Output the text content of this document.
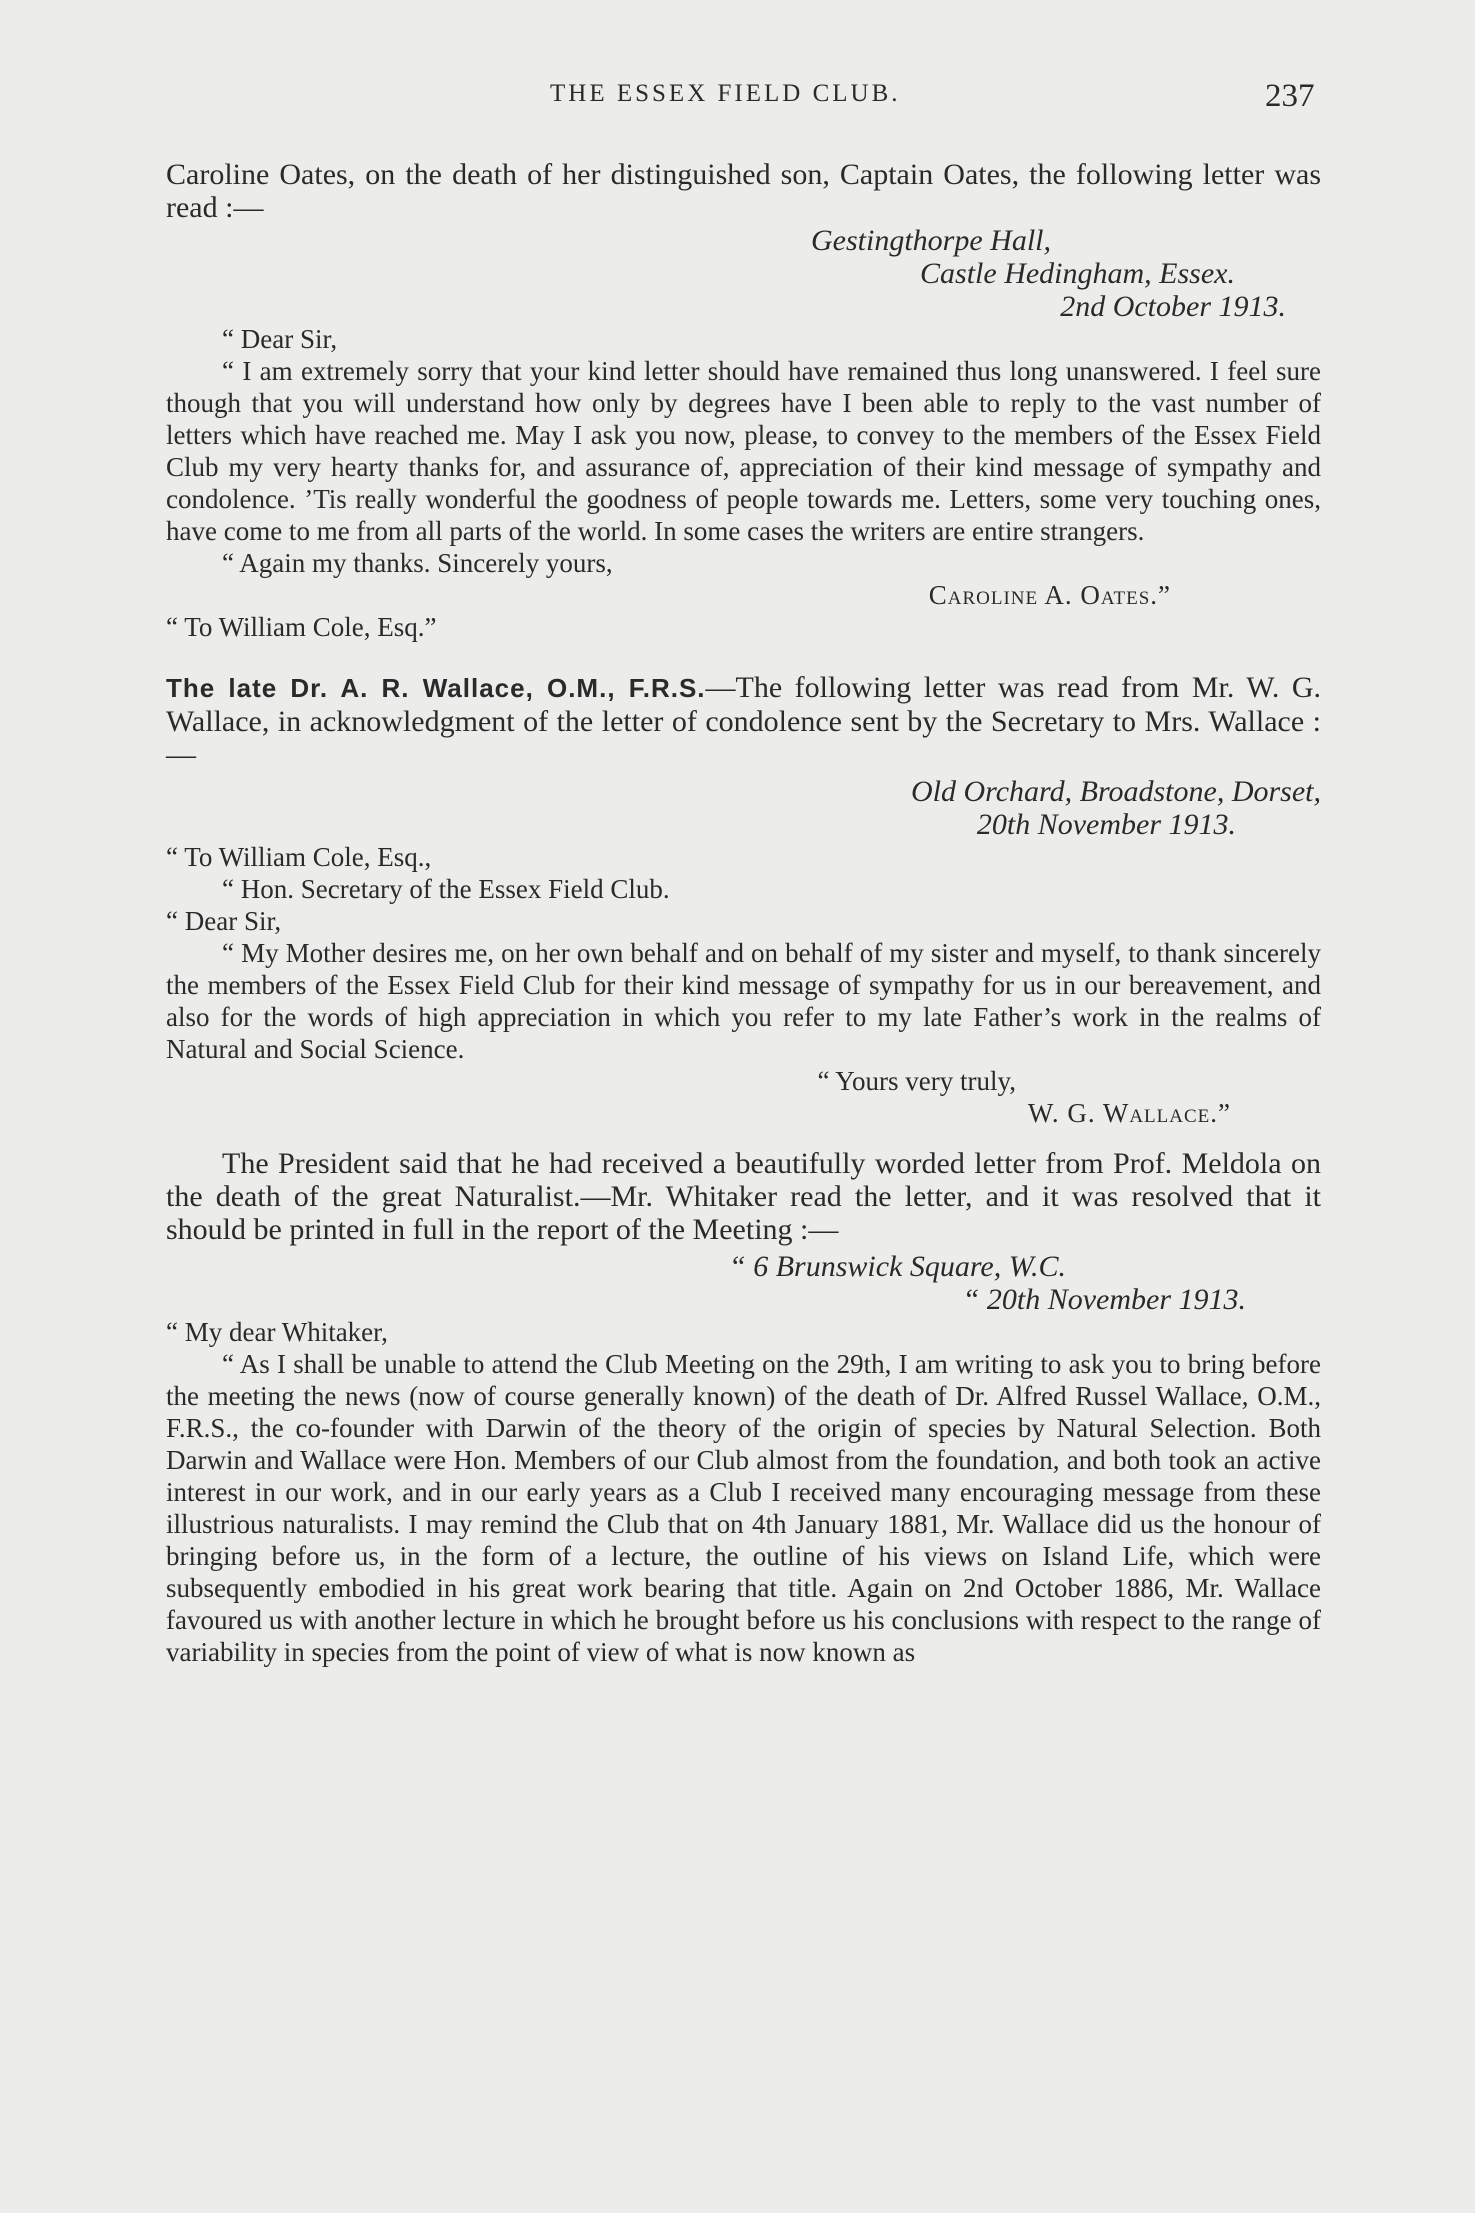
THE ESSEX FIELD CLUB.	237

Caroline Oates, on the death of her distinguished son, Captain Oates, the following letter was read :—

Gestingthorpe Hall,
Castle Hedingham, Essex.
2nd October 1913.

“ Dear Sir,

“ I am extremely sorry that your kind letter should have remained thus long unanswered. I feel sure though that you will understand how only by degrees have I been able to reply to the vast number of letters which have reached me. May I ask you now, please, to convey to the members of the Essex Field Club my very hearty thanks for, and assurance of, appreciation of their kind message of sympathy and condolence. ’Tis really wonderful the goodness of people towards me. Letters, some very touching ones, have come to me from all parts of the world. In some cases the writers are entire strangers.

“ Again my thanks. Sincerely yours,

Caroline A. Oates.”

“ To William Cole, Esq.”

The late Dr. A. R. Wallace, O.M., F.R.S.—The following letter was read from Mr. W. G. Wallace, in acknowledgment of the letter of condolence sent by the Secretary to Mrs. Wallace :—

Old Orchard, Broadstone, Dorset,
20th November 1913.

“ To William Cole, Esq.,

“ Hon. Secretary of the Essex Field Club.

“ Dear Sir,

“ My Mother desires me, on her own behalf and on behalf of my sister and myself, to thank sincerely the members of the Essex Field Club for their kind message of sympathy for us in our bereavement, and also for the words of high appreciation in which you refer to my late Father’s work in the realms of Natural and Social Science.

“ Yours very truly,
W. G. Wallace.”

The President said that he had received a beautifully worded letter from Prof. Meldola on the death of the great Naturalist.—Mr. Whitaker read the letter, and it was resolved that it should be printed in full in the report of the Meeting :—

“ 6 Brunswick Square, W.C.
“ 20th November 1913.

“ My dear Whitaker,

“ As I shall be unable to attend the Club Meeting on the 29th, I am writing to ask you to bring before the meeting the news (now of course generally known) of the death of Dr. Alfred Russel Wallace, O.M., F.R.S., the co-founder with Darwin of the theory of the origin of species by Natural Selection. Both Darwin and Wallace were Hon. Members of our Club almost from the foundation, and both took an active interest in our work, and in our early years as a Club I received many encouraging message from these illustrious naturalists. I may remind the Club that on 4th January 1881, Mr. Wallace did us the honour of bringing before us, in the form of a lecture, the outline of his views on Island Life, which were subsequently embodied in his great work bearing that title. Again on 2nd October 1886, Mr. Wallace favoured us with another lecture in which he brought before us his conclusions with respect to the range of variability in species from the point of view of what is now known as
